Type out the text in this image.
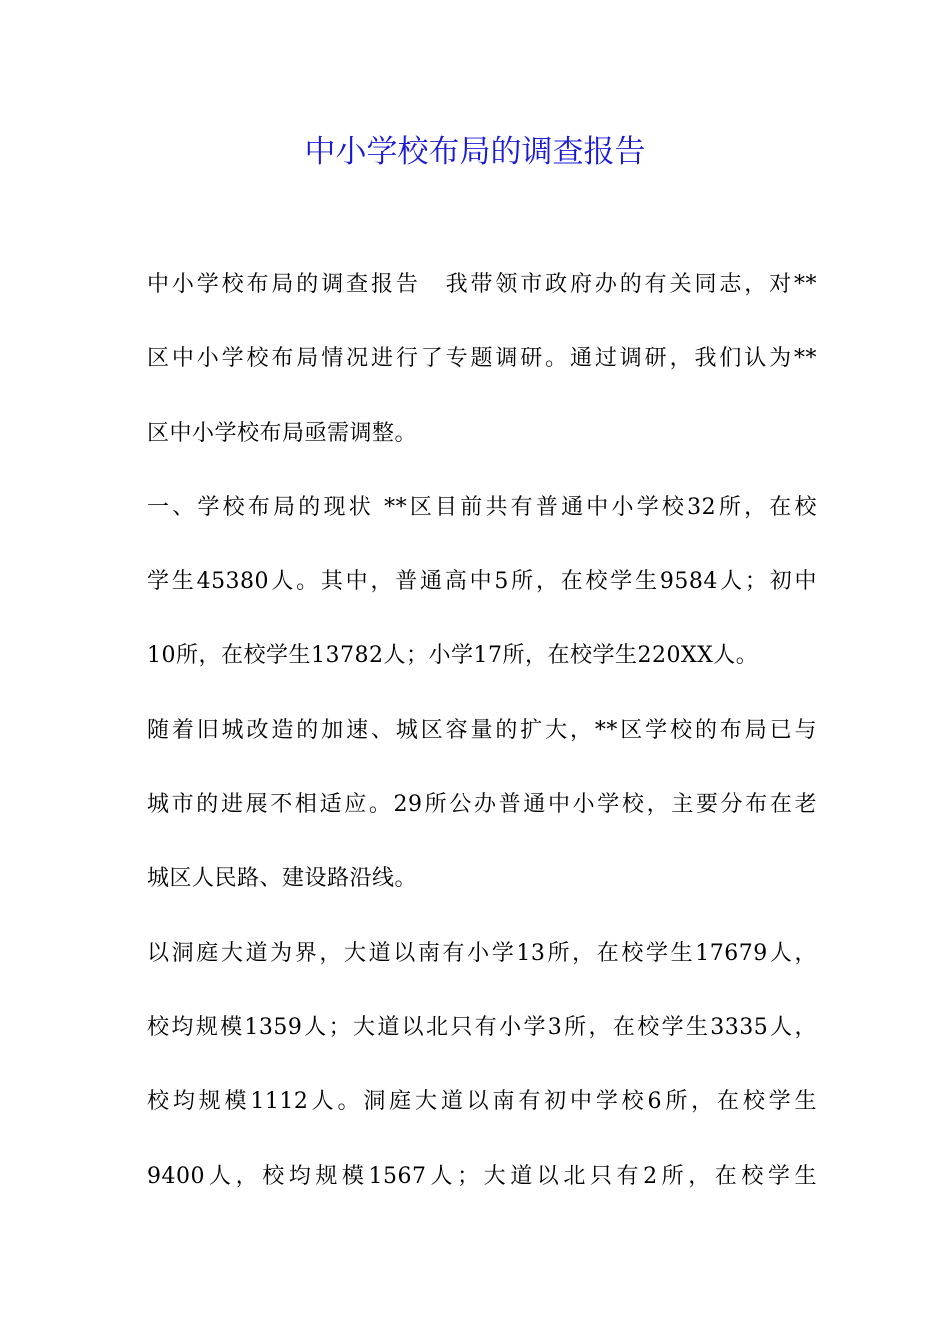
中小学校布局的调查报告
中小学校布局的调查报告　我带领市政府办的有关同志，对**
区中小学校布局情况进行了专题调研。通过调研，我们认为**
区中小学校布局亟需调整。
一、学校布局的现状 **区目前共有普通中小学校32所，在校
学生45380人。其中，普通高中5所，在校学生9584人；初中
10所，在校学生13782人；小学17所，在校学生220XX人。
随着旧城改造的加速、城区容量的扩大，**区学校的布局已与
城市的进展不相适应。29所公办普通中小学校，主要分布在老
城区人民路、建设路沿线。
以洞庭大道为界，大道以南有小学13所，在校学生17679人，
校均规模1359人；大道以北只有小学3所，在校学生3335人，
校均规模1112人。洞庭大道以南有初中学校6所，在校学生
9400人，校均规模1567人；大道以北只有2所，在校学生
